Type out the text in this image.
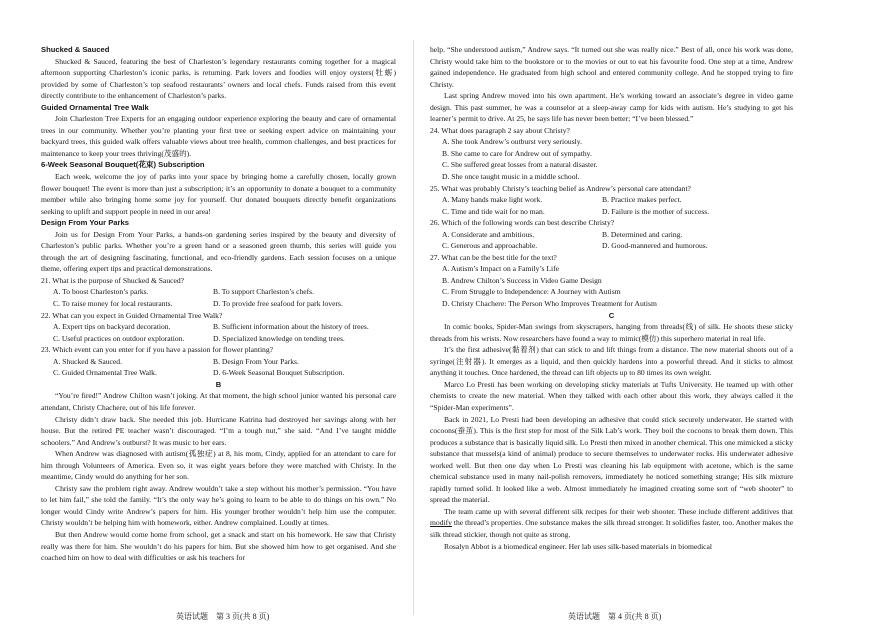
Shucked & Sauced

Shucked & Sauced, featuring the best of Charleston’s legendary restaurants coming together for a magical afternoon supporting Charleston’s iconic parks, is returning. Park lovers and foodies will enjoy oysters(牡蛎) provided by some of Charleston’s top seafood restaurants’ owners and local chefs. Funds raised from this event directly contribute to the enhancement of Charleston’s parks.

Guided Ornamental Tree Walk

Join Charleston Tree Experts for an engaging outdoor experience exploring the beauty and care of ornamental trees in our community. Whether you’re planting your first tree or seeking expert advice on maintaining your backyard trees, this guided walk offers valuable views about tree health, common challenges, and best practices for maintenance to keep your trees thriving(茂盛的).

6-Week Seasonal Bouquet(花束) Subscription

Each week, welcome the joy of parks into your space by bringing home a carefully chosen, locally grown flower bouquet! The event is more than just a subscription; it’s an opportunity to donate a bouquet to a community member while also bringing home some joy for yourself. Our donated bouquets directly benefit organizations seeking to uplift and support people in need in our area!

Design From Your Parks

Join us for Design From Your Parks, a hands-on gardening series inspired by the beauty and diversity of Charleston’s public parks. Whether you’re a green hand or a seasoned green thumb, this series will guide you through the art of designing fascinating, functional, and eco-friendly gardens. Each session focuses on a unique theme, offering expert tips and practical demonstrations.

21. What is the purpose of Shucked & Sauced?

A. To boost Charleston’s parks.	B. To support Charleston’s chefs.
C. To raise money for local restaurants.	D. To provide free seafood for park lovers.

22. What can you expect in Guided Ornamental Tree Walk?

A. Expert tips on backyard decoration.	B. Sufficient information about the history of trees.
C. Useful practices on outdoor exploration.	D. Specialized knowledge on tending trees.

23. Which event can you enter for if you have a passion for flower planting?

A. Shucked & Sauced.	B. Design From Your Parks.
C. Guided Ornamental Tree Walk.	D. 6-Week Seasonal Bouquet Subscription.

B

“You’re fired!” Andrew Chilton wasn’t joking. At that moment, the high school junior wanted his personal care attendant, Christy Chachere, out of his life forever.

Christy didn’t draw back. She needed this job. Hurricane Katrina had destroyed her savings along with her house. But the retired PE teacher wasn’t discouraged. “I’m a tough nut,” she said. “And I’ve taught middle schoolers.” And Andrew’s outburst? It was music to her ears.

When Andrew was diagnosed with autism(孤独症) at 8, his mom, Cindy, applied for an attendant to care for him through Volunteers of America. Even so, it was eight years before they were matched with Christy. In the meantime, Cindy would do anything for her son.

Christy saw the problem right away. Andrew wouldn’t take a step without his mother’s permission. “You have to let him fail,” she told the family. “It’s the only way he’s going to learn to be able to do things on his own.” No longer would Cindy write Andrew’s papers for him. His younger brother wouldn’t help him use the computer. Christy wouldn’t be helping him with homework, either. Andrew complained. Loudly at times.

But then Andrew would come home from school, get a snack and start on his homework. He saw that Christy really was there for him. She wouldn’t do his papers for him. But she showed him how to get organised. And she coached him on how to deal with difficulties or ask his teachers for

help. “She understood autism,” Andrew says. “It turned out she was really nice.” Best of all, once his work was done, Christy would take him to the bookstore or to the movies or out to eat his favourite food. One step at a time, Andrew gained independence. He graduated from high school and entered community college. And he stopped trying to fire Christy.

Last spring Andrew moved into his own apartment. He’s working toward an associate’s degree in video game design. This past summer, he was a counselor at a sleep-away camp for kids with autism. He’s studying to get his learner’s permit to drive. At 25, he says life has never been better; “I’ve been blessed.”

24. What does paragraph 2 say about Christy?

A. She took Andrew’s outburst very seriously.
B. She came to care for Andrew out of sympathy.
C. She suffered great losses from a natural disaster.
D. She once taught music in a middle school.

25. What was probably Christy’s teaching belief as Andrew’s personal care attendant?

A. Many hands make light work.	B. Practice makes perfect.
C. Time and tide wait for no man.	D. Failure is the mother of success.

26. Which of the following words can best describe Christy?

A. Considerate and ambitious.	B. Determined and caring.
C. Generous and approachable.	D. Good-mannered and humorous.

27. What can be the best title for the text?

A. Autism’s Impact on a Family’s Life
B. Andrew Chilton’s Success in Video Game Design
C. From Struggle to Independence: A Journey with Autism
D. Christy Chachere: The Person Who Improves Treatment for Autism

C

In comic books, Spider-Man swings from skyscrapers, hanging from threads(线) of silk. He shoots these sticky threads from his wrists. Now researchers have found a way to mimic(模仿) this superhero material in real life.

It’s the first adhesive(黏着剂) that can stick to and lift things from a distance. The new material shoots out of a syringe(注射器). It emerges as a liquid, and then quickly hardens into a powerful thread. And it sticks to almost anything it touches. Once hardened, the thread can lift objects up to 80 times its own weight.

Marco Lo Presti has been working on developing sticky materials at Tufts University. He teamed up with other chemists to create the new material. When they talked with each other about this work, they always called it the “Spider-Man experiments”.

Back in 2021, Lo Presti had been developing an adhesive that could stick securely underwater. He started with cocoons(蚕茧). This is the first step for most of the Silk Lab’s work. They boil the cocoons to break them down. This produces a substance that is basically liquid silk. Lo Presti then mixed in another chemical. This one mimicked a sticky substance that mussels(a kind of animal) produce to secure themselves to underwater rocks. His underwater adhesive worked well. But then one day when Lo Presti was cleaning his lab equipment with acetone, which is the same chemical substance used in many nail-polish removers, immediately he noticed something strange; His silk mixture rapidly turned solid. It looked like a web. Almost immediately he imagined creating some sort of “web shooter” to spread the material.

The team came up with several different silk recipes for their web shooter. These include different additives that modify the thread’s properties. One substance makes the silk thread stronger. It solidifies faster, too. Another makes the silk thread stickier, though not quite as strong.

Rosalyn Abbot is a biomedical engineer. Her lab uses silk-based materials in biomedical

英语试题　第 3 页(共 8 页)	英语试题　第 4 页(共 8 页)
